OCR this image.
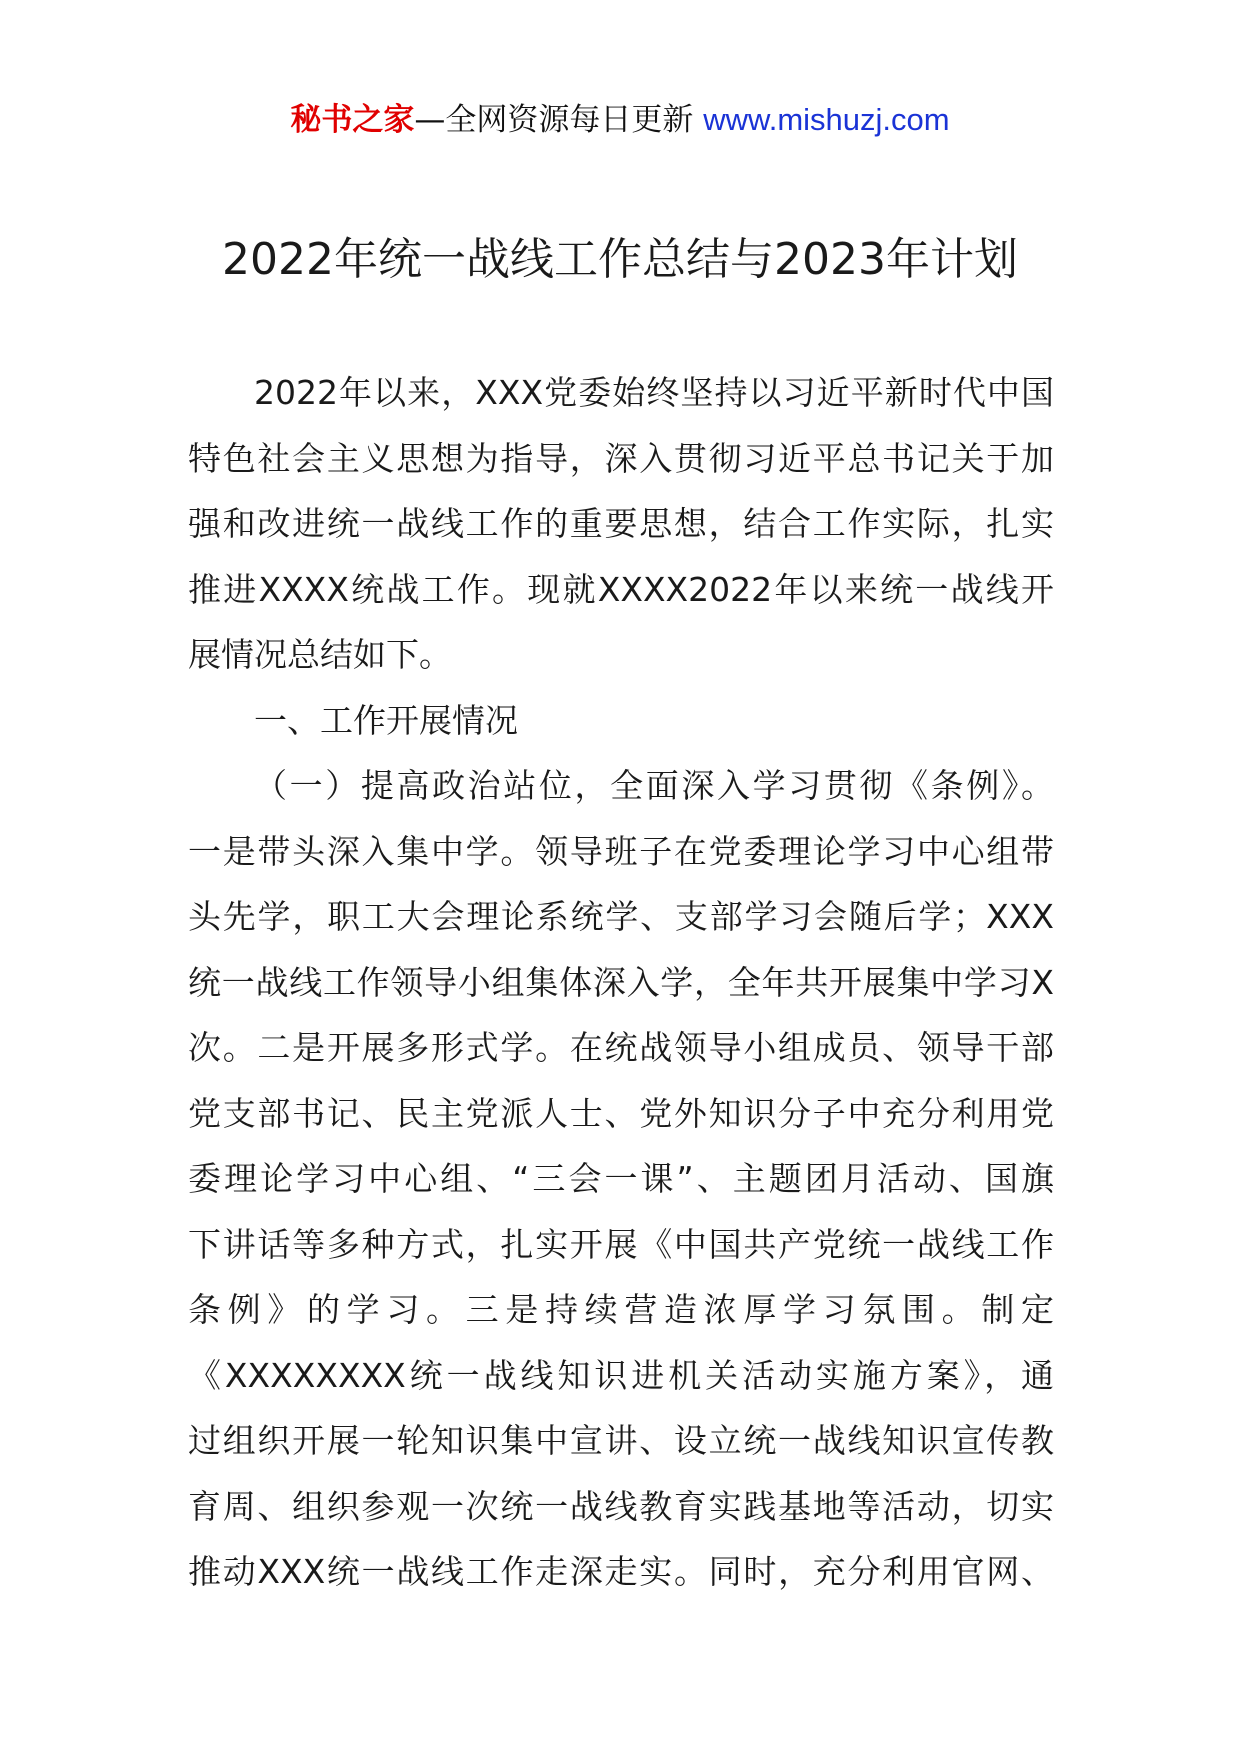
秘书之家—全网资源每日更新 www.mishuzj.com
2022年统一战线工作总结与2023年计划
2022年以来，XXX党委始终坚持以习近平新时代中国
特色社会主义思想为指导，深入贯彻习近平总书记关于加
强和改进统一战线工作的重要思想，结合工作实际，扎实
推进XXXX统战工作。现就XXXX2022年以来统一战线开
展情况总结如下。
一、工作开展情况
（一）提高政治站位，全面深入学习贯彻《条例》。
一是带头深入集中学。领导班子在党委理论学习中心组带
头先学，职工大会理论系统学、支部学习会随后学；XXX
统一战线工作领导小组集体深入学，全年共开展集中学习X
次。二是开展多形式学。在统战领导小组成员、领导干部
党支部书记、民主党派人士、党外知识分子中充分利用党
委理论学习中心组、“三会一课”、主题团月活动、国旗
下讲话等多种方式，扎实开展《中国共产党统一战线工作
条例》的学习。三是持续营造浓厚学习氛围。制定
《XXXXXXXX统一战线知识进机关活动实施方案》，通
过组织开展一轮知识集中宣讲、设立统一战线知识宣传教
育周、组织参观一次统一战线教育实践基地等活动，切实
推动XXX统一战线工作走深走实。同时，充分利用官网、
